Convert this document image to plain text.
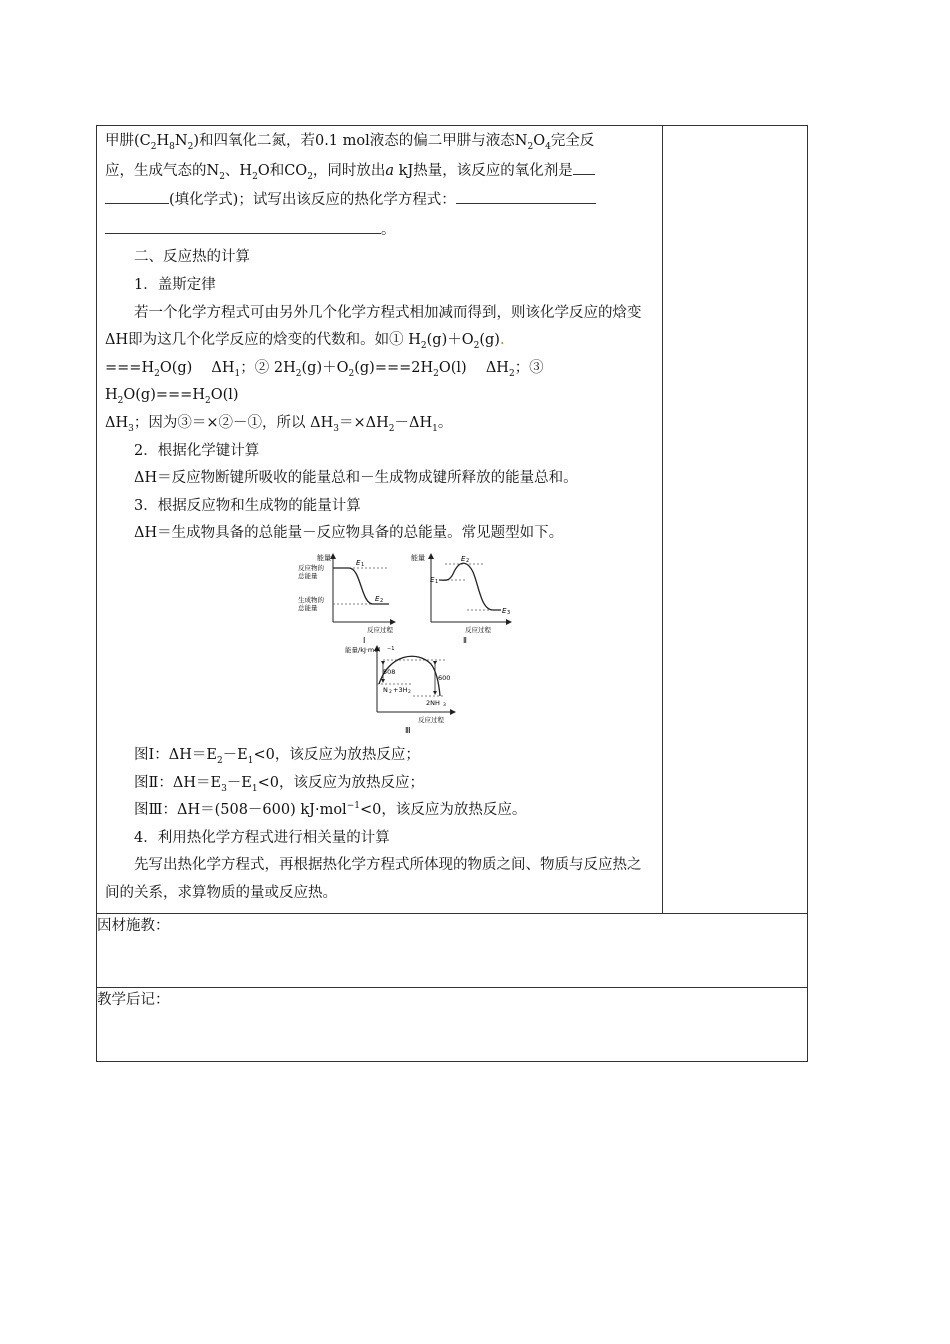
甲肼$(C_2H_8N_2)$和四氧化二氮，若0.1 mol液态的偏二甲肼与液态$N_2O_4$完全反

应，生成气态的$N_2$、$H_2O$和$CO_2$，同时放出a kJ热量，该反应的氧化剂是

(填化学式)；试写出该反应的热化学方程式：

。

二、反应热的计算

1．盖斯定律

若一个化学方程式可由另外几个化学方程式相加减而得到，则该化学反应的焓变ΔH即为这几个化学反应的焓变的代数和。如① $H_2(g)+O_2(g)$.
$===H_2O(g)$　 $\Delta H_1$；② $2H_2(g)+O_2(g)===2H_2O(l)$　 $\Delta H_2$；③ $H_2O(g)===H_2O(l)$
$\Delta H_3$；因为③＝×②－①，所以 $\Delta H_3=\times\Delta H_2-\Delta H_1$。

2．根据化学键计算

ΔH＝反应物断键所吸收的能量总和－生成物成键所释放的能量总和。

3．根据反应物和生成物的能量计算

ΔH＝生成物具备的总能量－反应物具备的总能量。常见题型如下。

能量
反应物的
总能量
生成物的
总能量
E 1
E 2
反应过程
Ⅰ
能量	E 2
E 1
E 3
反应过程
Ⅱ
能量/kJ·mol −1
508
600
N 2 +3H 2
2NH 3
反应过程
Ⅲ

图Ⅰ：$\Delta H=E_2-E_1<0$，该反应为放热反应；

图Ⅱ：$\Delta H=E_3-E_1<0$，该反应为放热反应；

图Ⅲ：ΔH＝(508－600) kJ·mol$^{-1}$<0，该反应为放热反应。

4．利用热化学方程式进行相关量的计算

先写出热化学方程式，再根据热化学方程式所体现的物质之间、物质与反应热之间的关系，求算物质的量或反应热。

因材施教：
教学后记：
